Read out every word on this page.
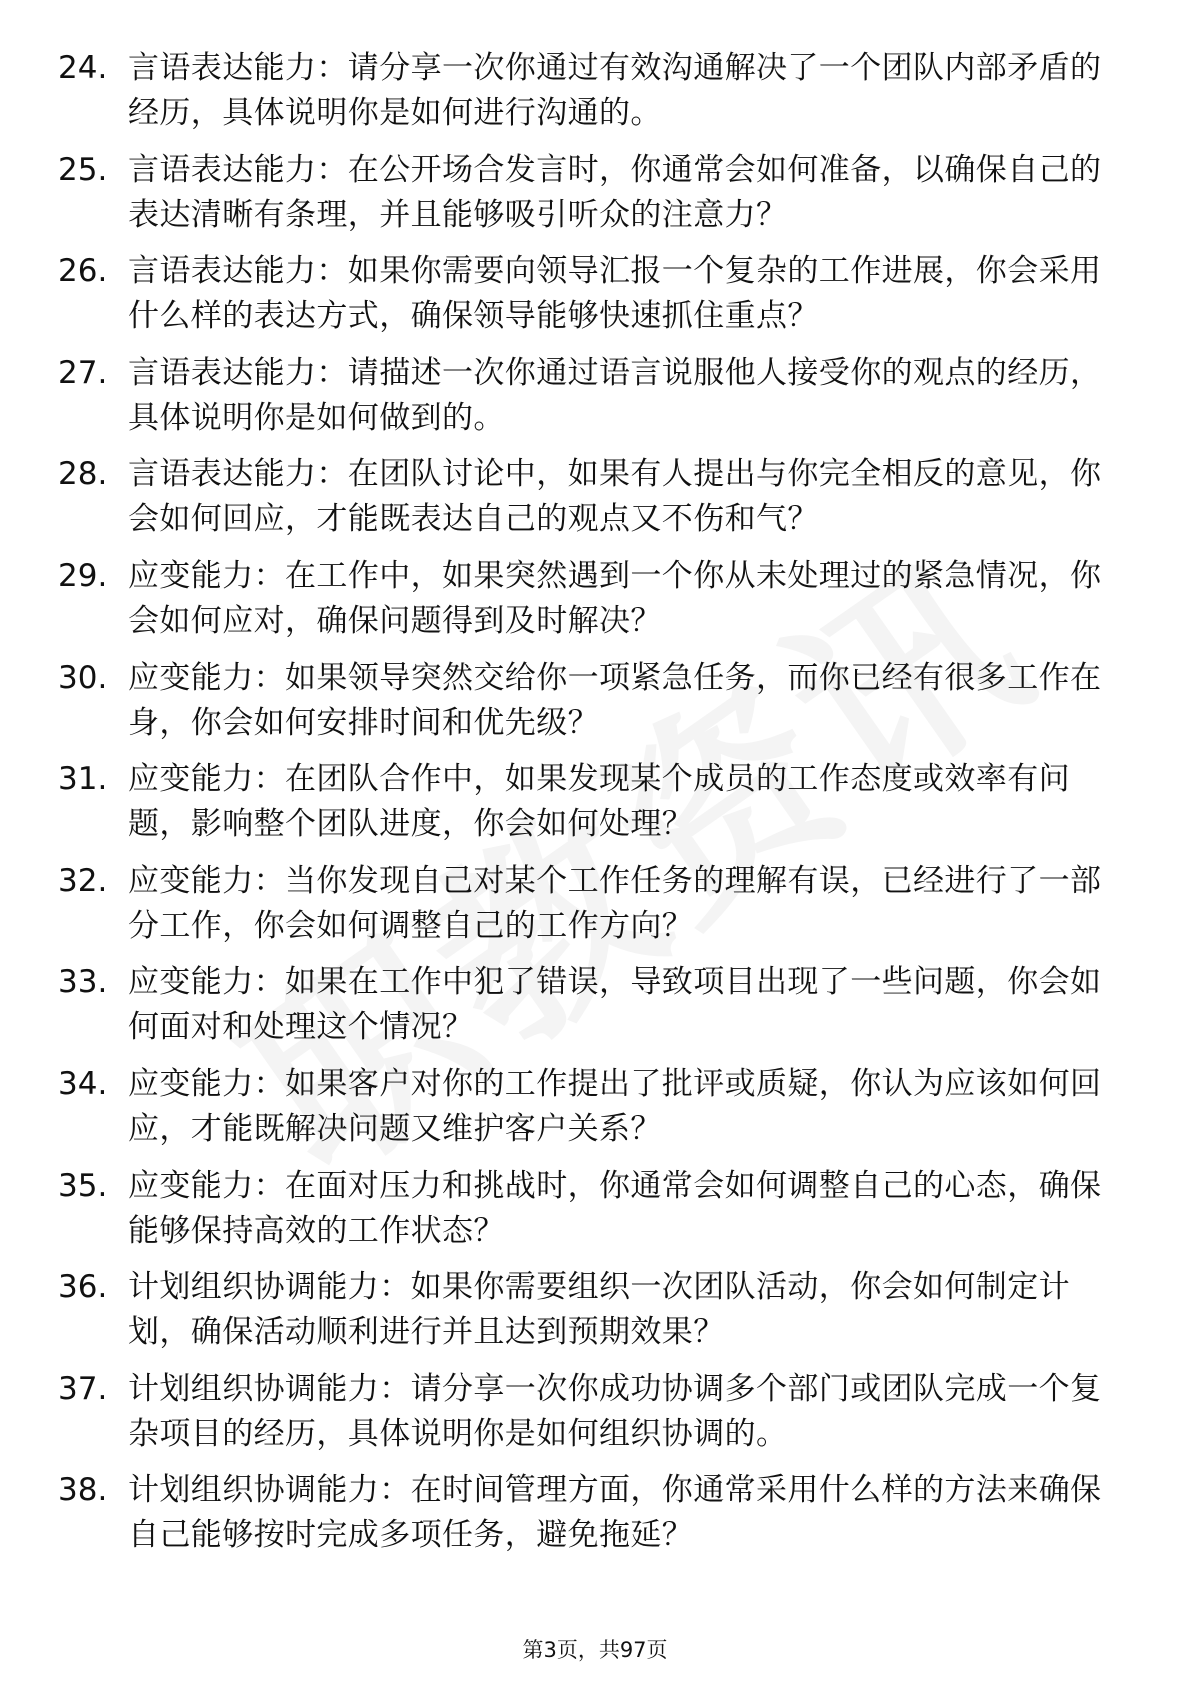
24. 言语表达能力：请分享一次你通过有效沟通解决了一个团队内部矛盾的经历，具体说明你是如何进行沟通的。
25. 言语表达能力：在公开场合发言时，你通常会如何准备，以确保自己的表达清晰有条理，并且能够吸引听众的注意力？
26. 言语表达能力：如果你需要向领导汇报一个复杂的工作进展，你会采用什么样的表达方式，确保领导能够快速抓住重点？
27. 言语表达能力：请描述一次你通过语言说服他人接受你的观点的经历，具体说明你是如何做到的。
28. 言语表达能力：在团队讨论中，如果有人提出与你完全相反的意见，你会如何回应，才能既表达自己的观点又不伤和气？
29. 应变能力：在工作中，如果突然遇到一个你从未处理过的紧急情况，你会如何应对，确保问题得到及时解决？
30. 应变能力：如果领导突然交给你一项紧急任务，而你已经有很多工作在身，你会如何安排时间和优先级？
31. 应变能力：在团队合作中，如果发现某个成员的工作态度或效率有问题，影响整个团队进度，你会如何处理？
32. 应变能力：当你发现自己对某个工作任务的理解有误，已经进行了一部分工作，你会如何调整自己的工作方向？
33. 应变能力：如果在工作中犯了错误，导致项目出现了一些问题，你会如何面对和处理这个情况？
34. 应变能力：如果客户对你的工作提出了批评或质疑，你认为应该如何回应，才能既解决问题又维护客户关系？
35. 应变能力：在面对压力和挑战时，你通常会如何调整自己的心态，确保能够保持高效的工作状态？
36. 计划组织协调能力：如果你需要组织一次团队活动，你会如何制定计划，确保活动顺利进行并且达到预期效果？
37. 计划组织协调能力：请分享一次你成功协调多个部门或团队完成一个复杂项目的经历，具体说明你是如何组织协调的。
38. 计划组织协调能力：在时间管理方面，你通常采用什么样的方法来确保自己能够按时完成多项任务，避免拖延？
第3页，共97页
